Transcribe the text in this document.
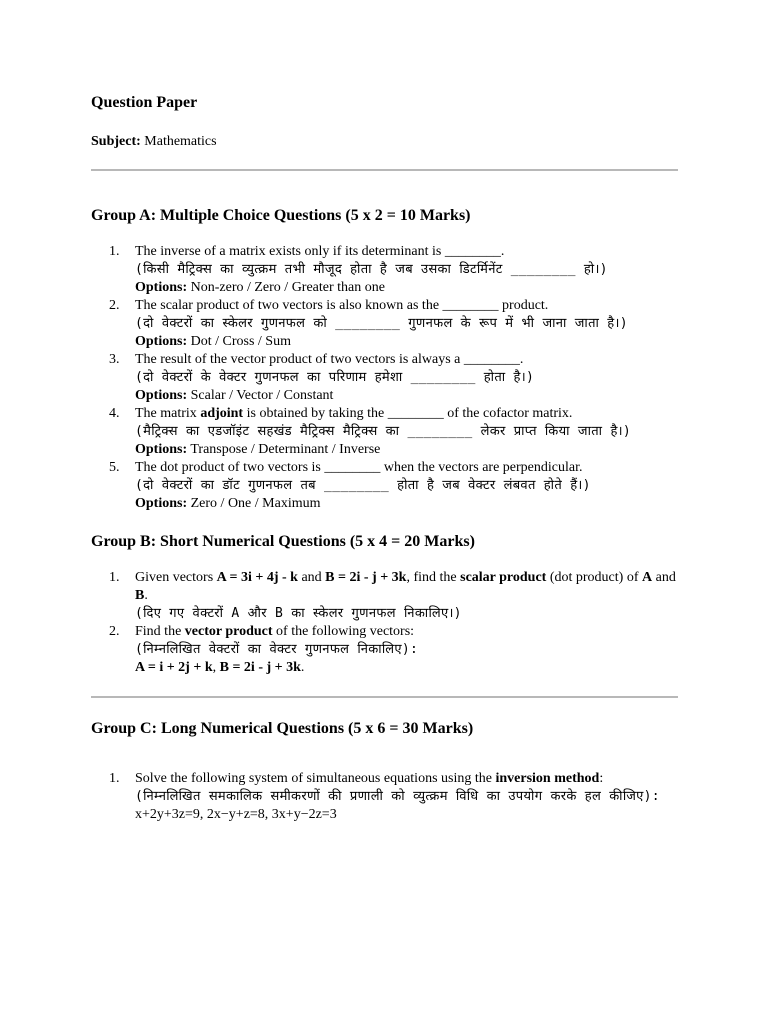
Question Paper

Subject: Mathematics

Group A: Multiple Choice Questions (5 x 2 = 10 Marks)
1.	The inverse of a matrix exists only if its determinant is ________.
(किसी मैट्रिक्स का व्युत्क्रम तभी मौजूद होता है जब उसका डिटर्मिनेंट ________ हो।)
Options: Non-zero / Zero / Greater than one
2.	The scalar product of two vectors is also known as the ________ product.
(दो वेक्टरों का स्केलर गुणनफल को ________ गुणनफल के रूप में भी जाना जाता है।)
Options: Dot / Cross / Sum
3.	The result of the vector product of two vectors is always a ________.
(दो वेक्टरों के वेक्टर गुणनफल का परिणाम हमेशा ________ होता है।)
Options: Scalar / Vector / Constant
4.	The matrix adjoint is obtained by taking the ________ of the cofactor matrix.
(मैट्रिक्स का एडजॉइंट सहखंड मैट्रिक्स मैट्रिक्स का ________ लेकर प्राप्त किया जाता है।)
Options: Transpose / Determinant / Inverse
5.	The dot product of two vectors is ________ when the vectors are perpendicular.
(दो वेक्टरों का डॉट गुणनफल तब ________ होता है जब वेक्टर लंबवत होते हैं।)
Options: Zero / One / Maximum
Group B: Short Numerical Questions (5 x 4 = 20 Marks)
1.	Given vectors A = 3i + 4j - k and B = 2i - j + 3k, find the scalar product (dot product) of A and B.
(दिए गए वेक्टरों A और B का स्केलर गुणनफल निकालिए।)
2.	Find the vector product of the following vectors:
(निम्नलिखित वेक्टरों का वेक्टर गुणनफल निकालिए):
A = i + 2j + k, B = 2i - j + 3k.
Group C: Long Numerical Questions (5 x 6 = 30 Marks)
1.	Solve the following system of simultaneous equations using the inversion method:
(निम्नलिखित समकालिक समीकरणों की प्रणाली को व्युत्क्रम विधि का उपयोग करके हल कीजिए):
x+2y+3z=9, 2x−y+z=8, 3x+y−2z=3
